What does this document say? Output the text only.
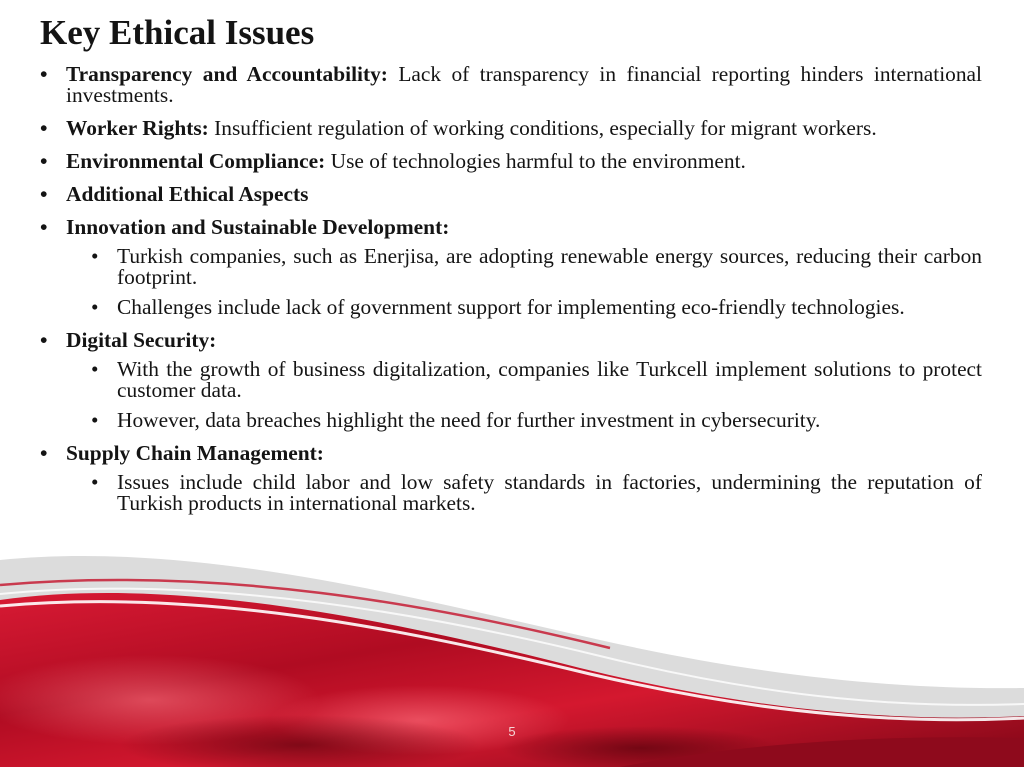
Key Ethical Issues
• Transparency and Accountability: Lack of transparency in financial reporting hinders international investments.
• Worker Rights: Insufficient regulation of working conditions, especially for migrant workers.
• Environmental Compliance: Use of technologies harmful to the environment.
• Additional Ethical Aspects
• Innovation and Sustainable Development:
• Turkish companies, such as Enerjisa, are adopting renewable energy sources, reducing their carbon footprint.
• Challenges include lack of government support for implementing eco-friendly technologies.
• Digital Security:
• With the growth of business digitalization, companies like Turkcell implement solutions to protect customer data.
• However, data breaches highlight the need for further investment in cybersecurity.
• Supply Chain Management:
• Issues include child labor and low safety standards in factories, undermining the reputation of Turkish products in international markets.
5
